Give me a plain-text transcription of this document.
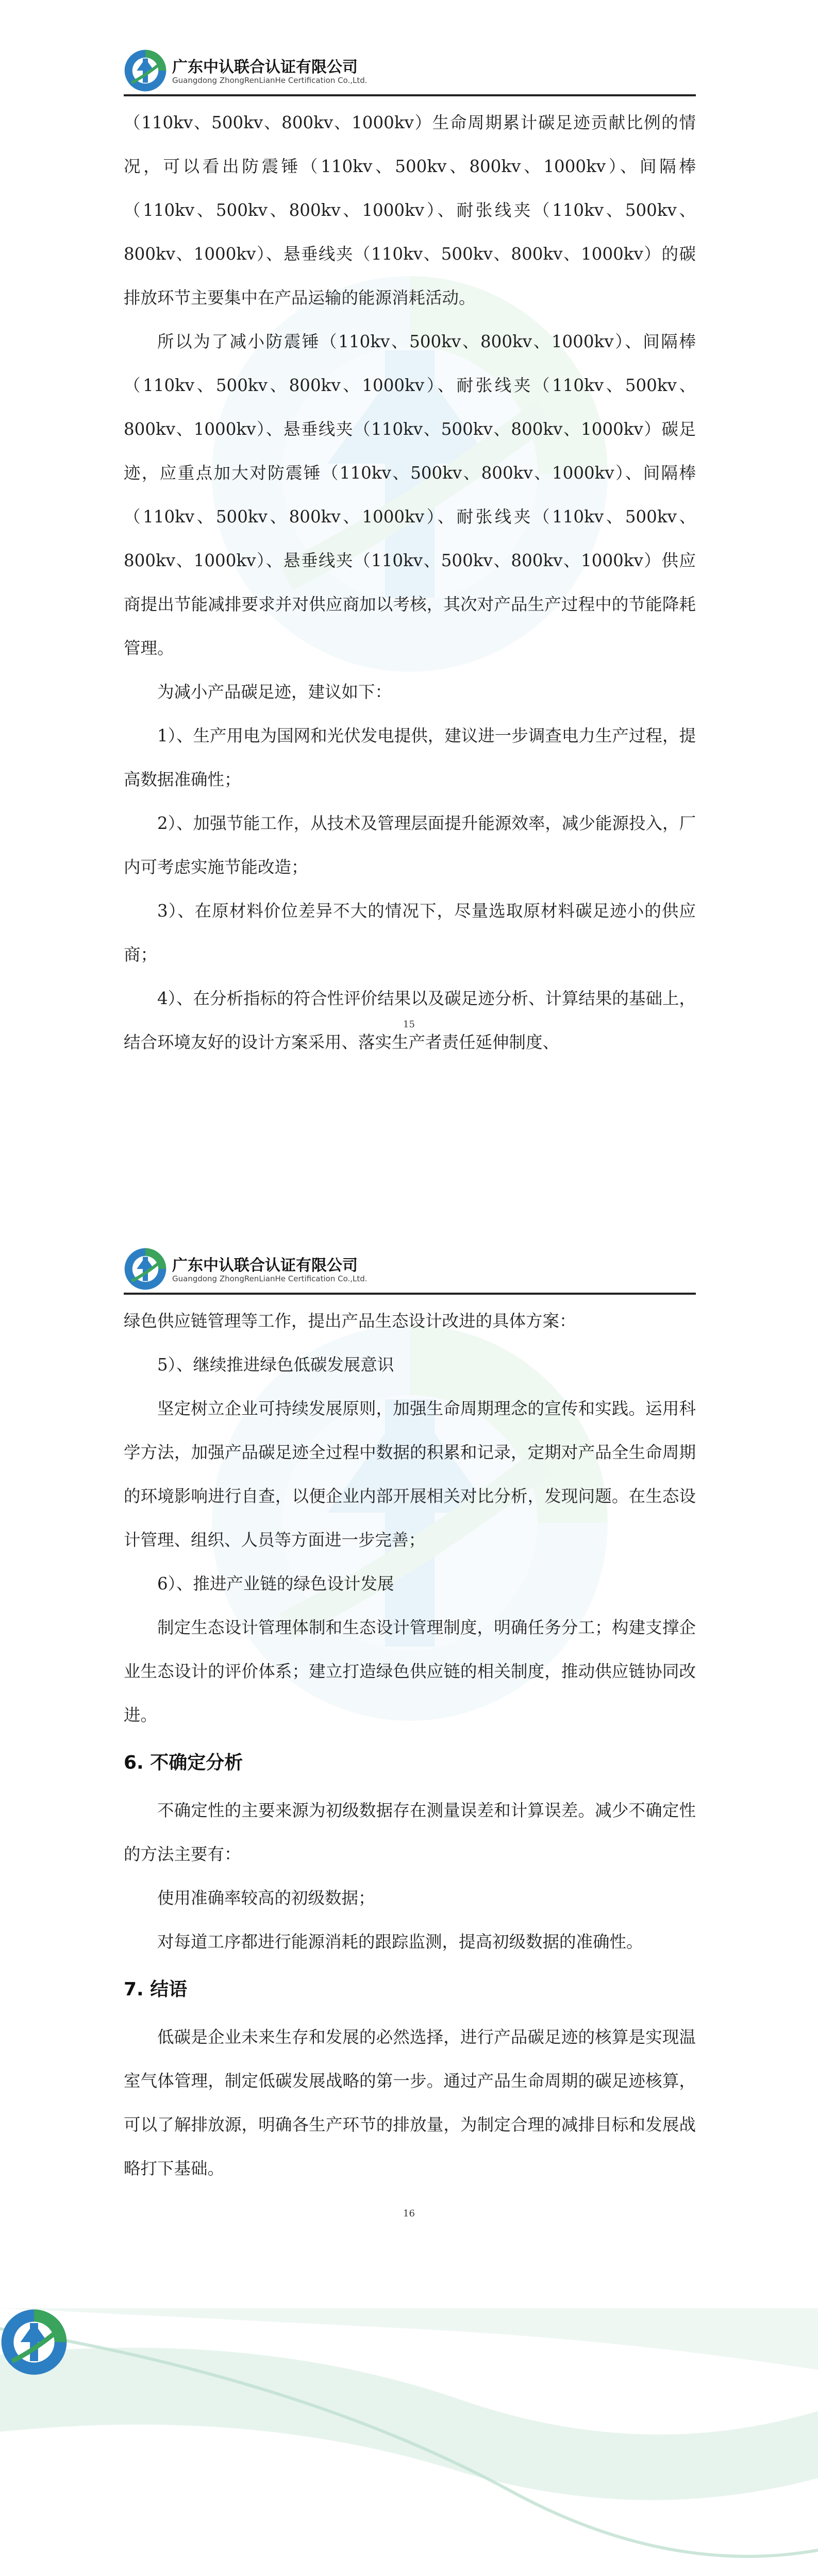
广东中认联合认证有限公司
Guangdong ZhongRenLianHe Certification Co.,Ltd.

（110kv、500kv、800kv、1000kv）生命周期累计碳足迹贡献比例的情况，可以看出防震锤（110kv、500kv、800kv、1000kv）、间隔棒（110kv、500kv、800kv、1000kv）、耐张线夹（110kv、500kv、800kv、1000kv）、悬垂线夹（110kv、500kv、800kv、1000kv）的碳排放环节主要集中在产品运输的能源消耗活动。

所以为了减小防震锤（110kv、500kv、800kv、1000kv）、间隔棒（110kv、500kv、800kv、1000kv）、耐张线夹（110kv、500kv、800kv、1000kv）、悬垂线夹（110kv、500kv、800kv、1000kv）碳足迹，应重点加大对防震锤（110kv、500kv、800kv、1000kv）、间隔棒（110kv、500kv、800kv、1000kv）、耐张线夹（110kv、500kv、800kv、1000kv）、悬垂线夹（110kv、500kv、800kv、1000kv）供应商提出节能减排要求并对供应商加以考核，其次对产品生产过程中的节能降耗管理。

为减小产品碳足迹，建议如下：

1）、生产用电为国网和光伏发电提供，建议进一步调查电力生产过程，提高数据准确性；

2）、加强节能工作，从技术及管理层面提升能源效率，减少能源投入，厂内可考虑实施节能改造；

3）、在原材料价位差异不大的情况下，尽量选取原材料碳足迹小的供应商；

4）、在分析指标的符合性评价结果以及碳足迹分析、计算结果的基础上，结合环境友好的设计方案采用、落实生产者责任延伸制度、

15
广东中认联合认证有限公司
Guangdong ZhongRenLianHe Certification Co.,Ltd.

绿色供应链管理等工作，提出产品生态设计改进的具体方案：

5）、继续推进绿色低碳发展意识

坚定树立企业可持续发展原则，加强生命周期理念的宣传和实践。运用科学方法，加强产品碳足迹全过程中数据的积累和记录，定期对产品全生命周期的环境影响进行自查，以便企业内部开展相关对比分析，发现问题。在生态设计管理、组织、人员等方面进一步完善；

6）、推进产业链的绿色设计发展

制定生态设计管理体制和生态设计管理制度，明确任务分工；构建支撑企业生态设计的评价体系；建立打造绿色供应链的相关制度，推动供应链协同改进。

6. 不确定分析

不确定性的主要来源为初级数据存在测量误差和计算误差。减少不确定性的方法主要有：

使用准确率较高的初级数据；

对每道工序都进行能源消耗的跟踪监测，提高初级数据的准确性。

7. 结语

低碳是企业未来生存和发展的必然选择，进行产品碳足迹的核算是实现温室气体管理，制定低碳发展战略的第一步。通过产品生命周期的碳足迹核算，可以了解排放源，明确各生产环节的排放量，为制定合理的减排目标和发展战略打下基础。

16
